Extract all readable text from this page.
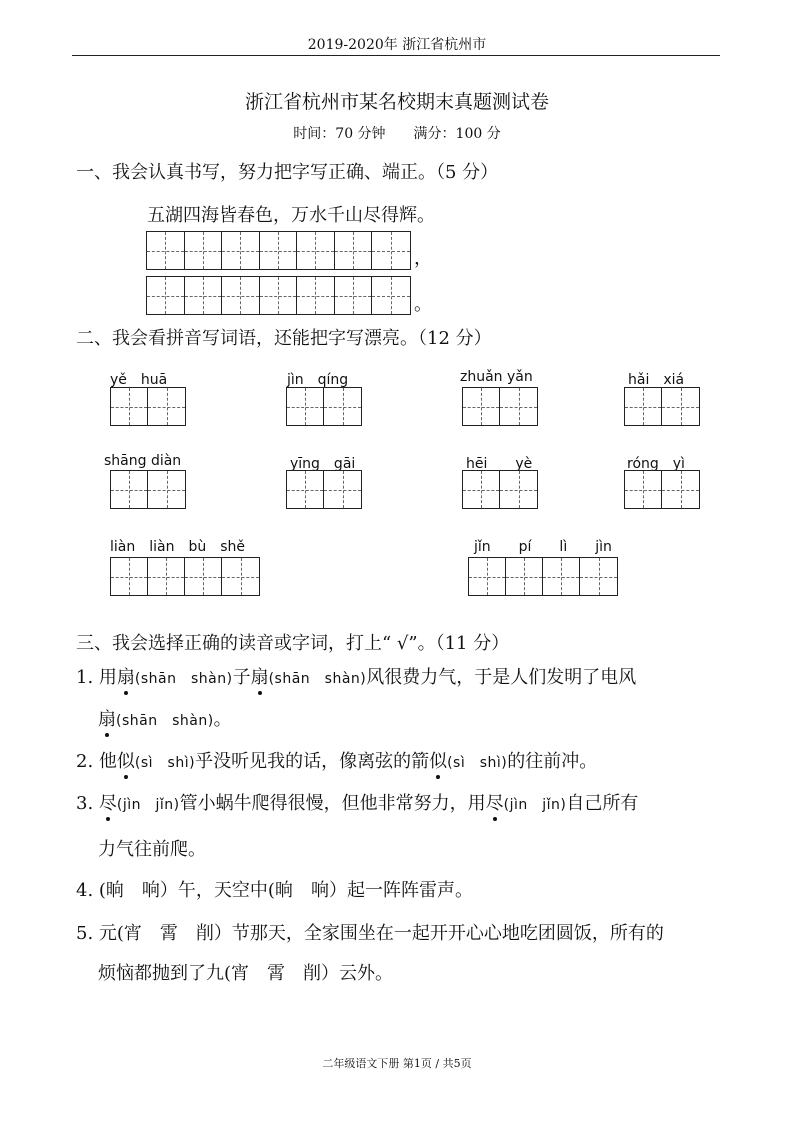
2019-2020年 浙江省杭州市
浙江省杭州市某名校期末真题测试卷
时间：70 分钟　　满分：100 分
一、我会认真书写，努力把字写正确、端正。（5 分）
五湖四海皆春色，万水千山尽得辉。
，
。
二、我会看拼音写词语，还能把字写漂亮。（12 分）
yě　huā	jìn　qíng	zhuǎn yǎn	hǎi　xiá
shāng diàn	yīng　gāi	hēi　　yè	róng　yì
liàn　liàn　bù　shě	jǐn　　pí　　lì　　jìn
三、我会选择正确的读音或字词，打上“ √”。（11 分）
1. 用扇(shān　shàn)子扇(shān　shàn)风很费力气，于是人们发明了电风
扇(shān　shàn)。
2. 他似(sì　shì)乎没听见我的话，像离弦的箭似(sì　shì)的往前冲。
3. 尽(jìn　jǐn)管小蜗牛爬得很慢，但他非常努力，用尽(jìn　jǐn)自己所有
力气往前爬。
4. (晌　响）午，天空中(晌　响）起一阵阵雷声。
5. 元(宵　霄　削）节那天，全家围坐在一起开开心心地吃团圆饭，所有的
烦恼都抛到了九(宵　霄　削）云外。
二年级语文下册 第1页 / 共5页
